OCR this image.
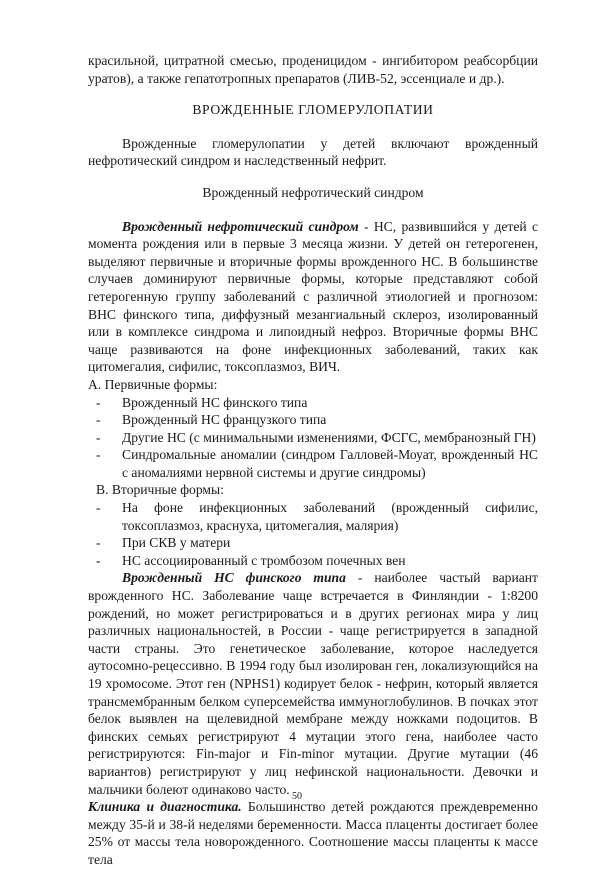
красильной, цитратной смесью, проденицидом - ингибитором реабсорбции уратов), а также гепатотропных препаратов (ЛИВ-52, эссенциале и др.).

ВРОЖДЕННЫЕ ГЛОМЕРУЛОПАТИИ

Врожденные гломерулопатии у детей включают врожденный нефротический синдром и наследственный нефрит.

Врожденный нефротический синдром

Врожденный нефротический синдром - НС, развившийся у детей с момента рождения или в первые 3 месяца жизни. У детей он гетерогенен, выделяют первичные и вторичные формы врожденного НС. В большинстве случаев доминируют первичные формы, которые представляют собой гетерогенную группу заболеваний с различной этиологией и прогнозом: ВНС финского типа, диффузный мезангиальный склероз, изолированный или в комплексе синдрома и липоидный нефроз. Вторичные формы ВНС чаще развиваются на фоне инфекционных заболеваний, таких как цитомегалия, сифилис, токсоплазмоз, ВИЧ.

А. Первичные формы:

- Врожденный НС финского типа
- Врожденный НС французкого типа
- Другие НС (с минимальными изменениями, ФСГС, мембранозный ГН)
- Синдромальные аномалии (синдром Галловей-Моуат, врожденный НС с аномалиями нервной системы и другие синдромы)

В. Вторичные формы:

- На фоне инфекционных заболеваний (врожденный сифилис, токсоплазмоз, краснуха, цитомегалия, малярия)
- При СКВ у матери
- НС ассоциированный с тромбозом почечных вен

Врожденный НС финского типа - наиболее частый вариант врожденного НС. Заболевание чаще встречается в Финляндии - 1:8200 рождений, но может регистрироваться и в других регионах мира у лиц различных национальностей, в России - чаще регистрируется в западной части страны. Это генетическое заболевание, которое наследуется аутосомно-рецессивно. В 1994 году был изолирован ген, локализующийся на 19 хромосоме. Этот ген (NPHS1) кодирует белок - нефрин, который является трансмембранным белком суперсемейства иммуноглобулинов. В почках этот белок выявлен на щелевидной мембране между ножками подоцитов. В финских семьях регистрируют 4 мутации этого гена, наиболее часто регистрируются: Fin-major и Fin-minor мутации. Другие мутации (46 вариантов) регистрируют у лиц нефинской национальности. Девочки и мальчики болеют одинаково часто.

Клиника и диагностика. Большинство детей рождаются преждевременно между 35-й и 38-й неделями беременности. Масса плаценты достигает более 25% от массы тела новорожденного. Соотношение массы плаценты к массе тела

50
